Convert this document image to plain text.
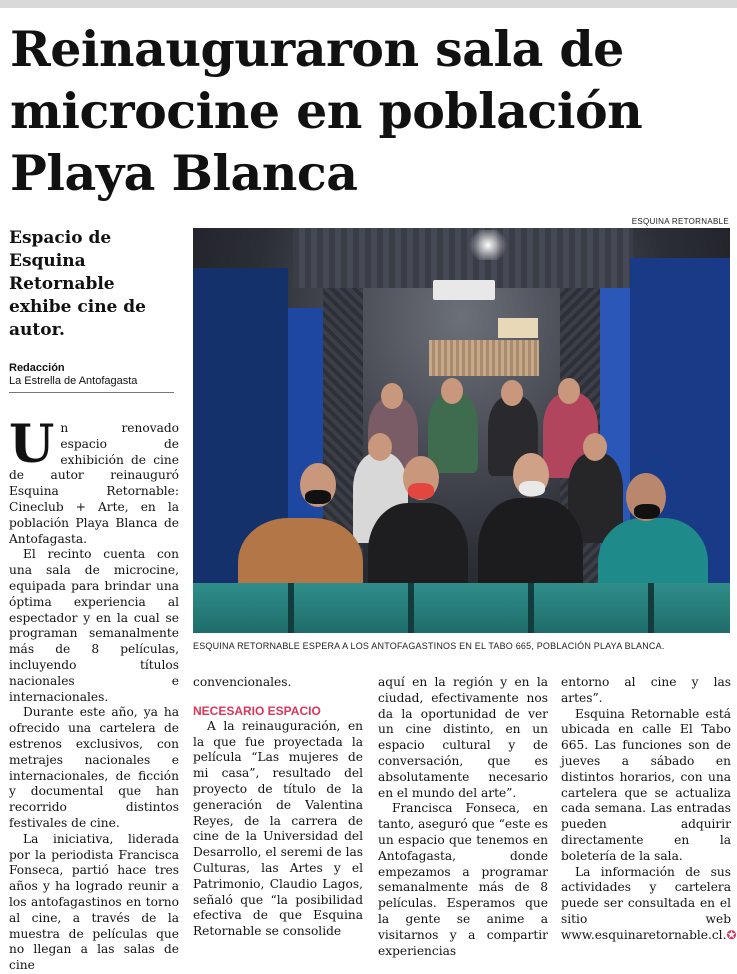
Reinauguraron sala de microcine en población Playa Blanca
ESQUINA RETORNABLE
Espacio de Esquina Retornable exhibe cine de autor.
Redacción
La Estrella de Antofagasta
ESQUINA RETORNABLE ESPERA A LOS ANTOFAGASTINOS EN EL TABO 665, POBLACIÓN PLAYA BLANCA.

Un renovado espacio de exhibición de cine de autor reinauguró Esquina Retornable: Cineclub + Arte, en la población Playa Blanca de Antofagasta.

El recinto cuenta con una sala de microcine, equipada para brindar una óptima experiencia al espectador y en la cual se programan semanalmente más de 8 películas, incluyendo títulos nacionales e internacionales.

Durante este año, ya ha ofrecido una cartelera de estrenos exclusivos, con metrajes nacionales e internacionales, de ficción y documental que han recorrido distintos festivales de cine.

La iniciativa, liderada por la periodista Francisca Fonseca, partió hace tres años y ha logrado reunir a los antofagastinos en torno al cine, a través de la muestra de películas que no llegan a las salas de cine

convencionales.

NECESARIO ESPACIO

A la reinauguración, en la que fue proyectada la película “Las mujeres de mi casa”, resultado del proyecto de título de la generación de Valentina Reyes, de la carrera de cine de la Universidad del Desarrollo, el seremi de las Culturas, las Artes y el Patrimonio, Claudio Lagos, señaló que “la posibilidad efectiva de que Esquina Retornable se consolide

aquí en la región y en la ciudad, efectivamente nos da la oportunidad de ver un cine distinto, en un espacio cultural y de conversación, que es absolutamente necesario en el mundo del arte”.

Francisca Fonseca, en tanto, aseguró que “este es un espacio que tenemos en Antofagasta, donde empezamos a programar semanalmente más de 8 películas. Esperamos que la gente se anime a visitarnos y a compartir experiencias

entorno al cine y las artes”.

Esquina Retornable está ubicada en calle El Tabo 665. Las funciones son de jueves a sábado en distintos horarios, con una cartelera que se actualiza cada semana. Las entradas pueden adquirir directamente en la boletería de la sala.

La información de sus actividades y cartelera puede ser consultada en el sitio web www.esquinaretornable.cl.✪
